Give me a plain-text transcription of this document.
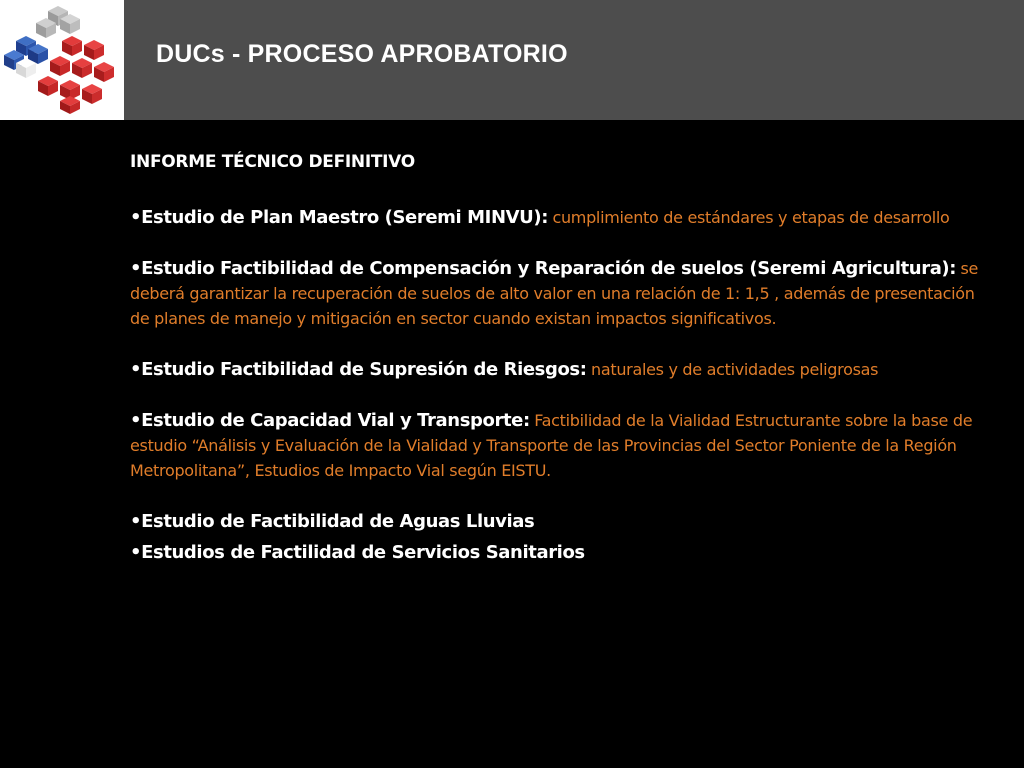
DUCs - PROCESO APROBATORIO
INFORME TÉCNICO DEFINITIVO
•Estudio de Plan Maestro (Seremi MINVU): cumplimiento de estándares y etapas de desarrollo
•Estudio Factibilidad de Compensación y Reparación de suelos (Seremi Agricultura): se deberá garantizar la recuperación de suelos de alto valor en una relación de 1: 1,5 , además de presentación de planes de manejo y mitigación en sector cuando existan impactos significativos.
•Estudio Factibilidad de Supresión de Riesgos: naturales y de actividades peligrosas
•Estudio de Capacidad Vial y Transporte: Factibilidad de la Vialidad Estructurante sobre la base de estudio “Análisis y Evaluación de la Vialidad y Transporte de las Provincias del Sector Poniente de la Región Metropolitana”, Estudios de Impacto Vial según EISTU.
•Estudio de Factibilidad de Aguas Lluvias
•Estudios de Factilidad de Servicios Sanitarios
